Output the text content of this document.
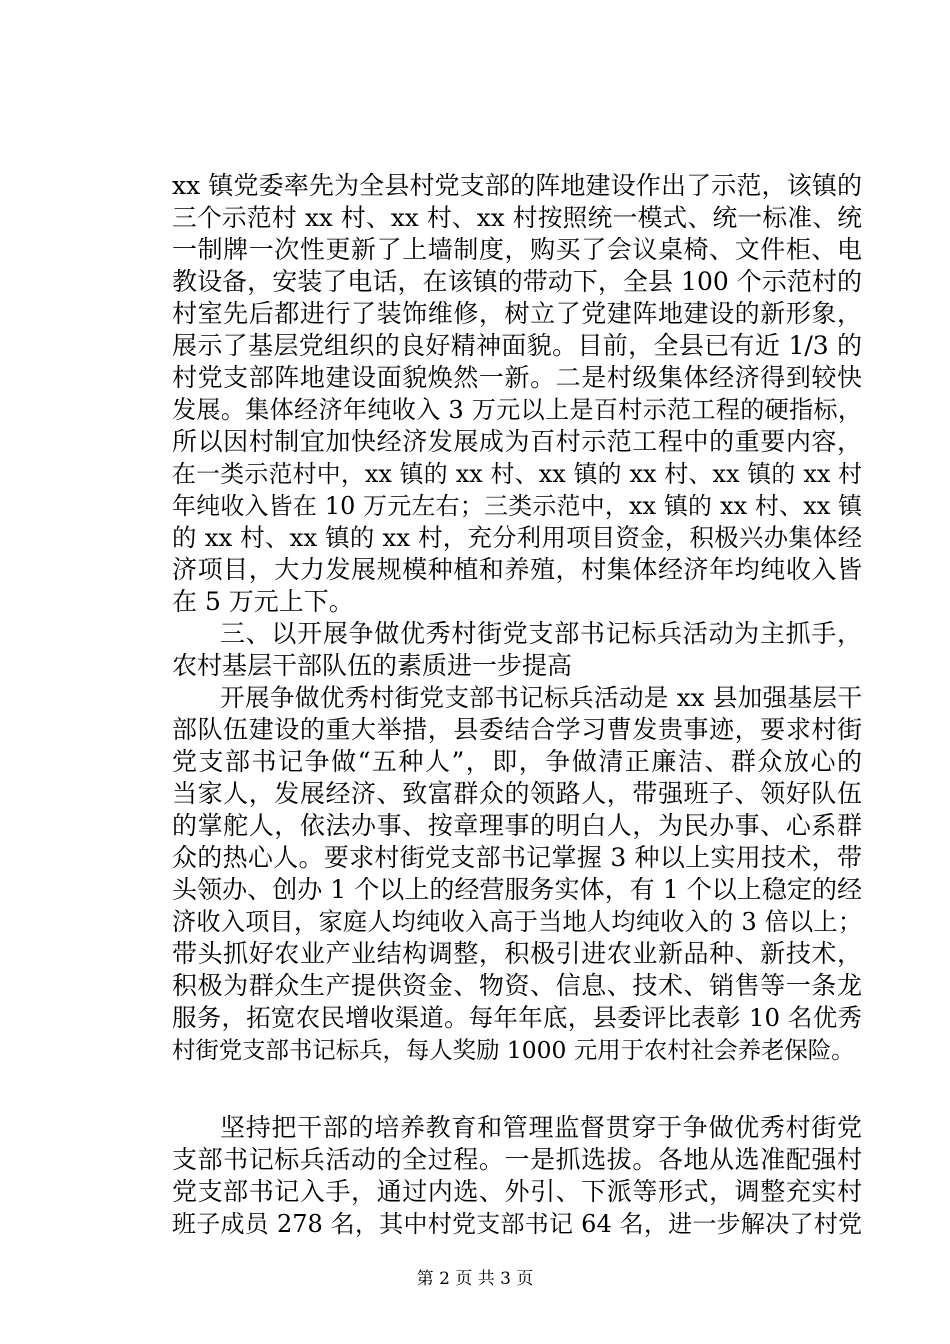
xx 镇党委率先为全县村党支部的阵地建设作出了示范，该镇的
三个示范村 xx 村、xx 村、xx 村按照统一模式、统一标准、统
一制牌一次性更新了上墙制度，购买了会议桌椅、文件柜、电
教设备，安装了电话，在该镇的带动下，全县 100 个示范村的
村室先后都进行了装饰维修，树立了党建阵地建设的新形象，
展示了基层党组织的良好精神面貌。目前，全县已有近 1/3 的
村党支部阵地建设面貌焕然一新。二是村级集体经济得到较快
发展。集体经济年纯收入 3 万元以上是百村示范工程的硬指标，
所以因村制宜加快经济发展成为百村示范工程中的重要内容，
在一类示范村中，xx 镇的 xx 村、xx 镇的 xx 村、xx 镇的 xx 村
年纯收入皆在 10 万元左右；三类示范中，xx 镇的 xx 村、xx 镇
的 xx 村、xx 镇的 xx 村，充分利用项目资金，积极兴办集体经
济项目，大力发展规模种植和养殖，村集体经济年均纯收入皆
在 5 万元上下。
三、以开展争做优秀村街党支部书记标兵活动为主抓手，
农村基层干部队伍的素质进一步提高
开展争做优秀村街党支部书记标兵活动是 xx 县加强基层干
部队伍建设的重大举措，县委结合学习曹发贵事迹，要求村街
党支部书记争做“五种人”，即，争做清正廉洁、群众放心的
当家人，发展经济、致富群众的领路人，带强班子、领好队伍
的掌舵人，依法办事、按章理事的明白人，为民办事、心系群
众的热心人。要求村街党支部书记掌握 3 种以上实用技术，带
头领办、创办 1 个以上的经营服务实体，有 1 个以上稳定的经
济收入项目，家庭人均纯收入高于当地人均纯收入的 3 倍以上；
带头抓好农业产业结构调整，积极引进农业新品种、新技术，
积极为群众生产提供资金、物资、信息、技术、销售等一条龙
服务，拓宽农民增收渠道。每年年底，县委评比表彰 10 名优秀
村街党支部书记标兵，每人奖励 1000 元用于农村社会养老保险。
坚持把干部的培养教育和管理监督贯穿于争做优秀村街党
支部书记标兵活动的全过程。一是抓选拔。各地从选准配强村
党支部书记入手，通过内选、外引、下派等形式，调整充实村
班子成员 278 名，其中村党支部书记 64 名，进一步解决了村党
第 2 页 共 3 页
